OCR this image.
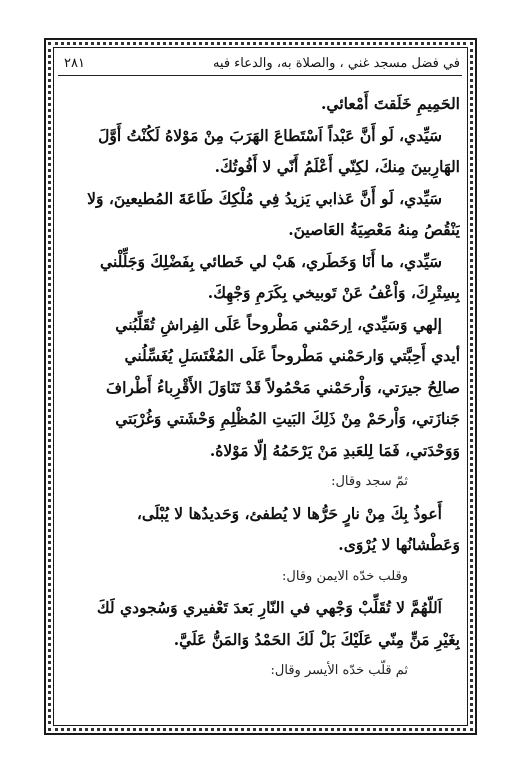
في فضل مسجد غني ، والصلاة به، والدعاء فيه
٢٨١
الحَمِيمِ خَلَقتَ أَمْعائي.
سَيِّدي، لَو أَنَّ عَبْداً اَسْتَطاعَ الهَرَبَ مِنْ مَوْلاهُ لَكُنْتُ أَوَّلَ
الهَارِبينَ مِنكَ، لكِنّي أَعْلَمُ أَنّي لا أَفُوتُكَ.
سَيِّدي، لَو أَنَّ عَذابي يَزيدُ فِي مُلْكِكَ طَاعَةَ المُطيعينَ، وَلا
يَنْقُصُ مِنهُ مَعْصِيَةُ العَاصينَ.
سَيِّدي، ما أَنَا وَخَطَري، هَبْ لي خَطائي بِفَضْلِكَ وَجَلِّلْني
بِسِتْرِكَ، وَاْعْفُ عَنْ تَوبيخي بِكَرَمِ وَجْهِكَ.
إلهي وَسَيِّدي، اِرحَمْني مَطْروحاً عَلَى الفِراشِ تُقَلِّبُني
أيدي أَحِبَّتي وَارحَمْني مَطْروحاً عَلَى المُغْتَسَلِ يُغَسِّلُني
صالِحُ جيرَتي، وَاْرحَمْني مَحْمُولاً قَدْ تَنَاوَلَ الأَقْرِباءُ أَطْرافَ
جَنازَتي، وَاْرحَمْ مِنْ ذَلِكَ البَيتِ المُظْلِمِ وَحْشَتي وَغُرْبَتي
وَوَحْدَتي، فَمَا لِلعَبدِ مَنْ يَرْحَمُهُ إلّا مَوْلاهُ.
ثمّ سجد وقال:
أَعوذُ بِكَ مِنْ نارٍ حَرُّها لا يُطفئ، وَحَديدُها لا يُبْلَى،
وَعَطْشانُها لا يُرْوَى.
وقلب خدّه الايمن وقال:
اَللّهُمَّ لا تُقَلِّبْ وَجْهي في النّارِ بَعدَ تَعْفيري وَسُجودي لَكَ
بِغَيْرِ مَنٍّ مِنّي عَلَيْكَ بَلْ لَكَ الحَمْدُ وَالمَنُّ عَلَيَّ.
ثم قلّب خدّه الأيسر وقال:
